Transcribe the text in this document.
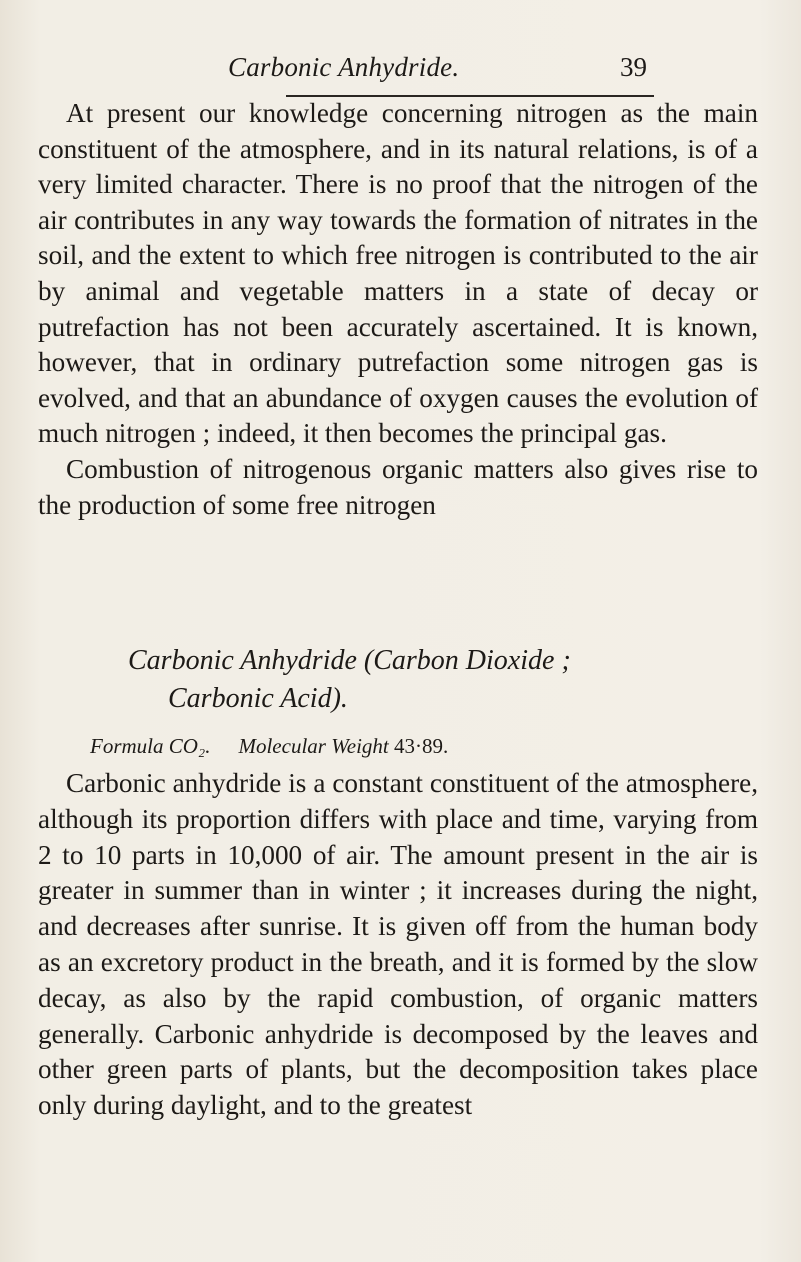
Carbonic Anhydride.	39

At present our knowledge concerning nitrogen as the main constituent of the atmosphere, and in its natural relations, is of a very limited character. There is no proof that the nitrogen of the air contributes in any way towards the formation of nitrates in the soil, and the extent to which free nitrogen is contributed to the air by animal and vegetable matters in a state of decay or putrefaction has not been accurately ascertained. It is known, however, that in ordinary putrefaction some nitrogen gas is evolved, and that an abundance of oxygen causes the evolution of much nitrogen ; indeed, it then becomes the principal gas.

Combustion of nitrogenous organic matters also gives rise to the production of some free nitrogen

Carbonic Anhydride (Carbon Dioxide ;
Carbonic Acid).
Formula CO₂. Molecular Weight 43·89.

Carbonic anhydride is a constant constituent of the atmosphere, although its proportion differs with place and time, varying from 2 to 10 parts in 10,000 of air. The amount present in the air is greater in summer than in winter ; it increases during the night, and decreases after sunrise. It is given off from the human body as an excretory product in the breath, and it is formed by the slow decay, as also by the rapid combustion, of organic matters generally. Carbonic anhydride is decomposed by the leaves and other green parts of plants, but the decomposition takes place only during daylight, and to the greatest
